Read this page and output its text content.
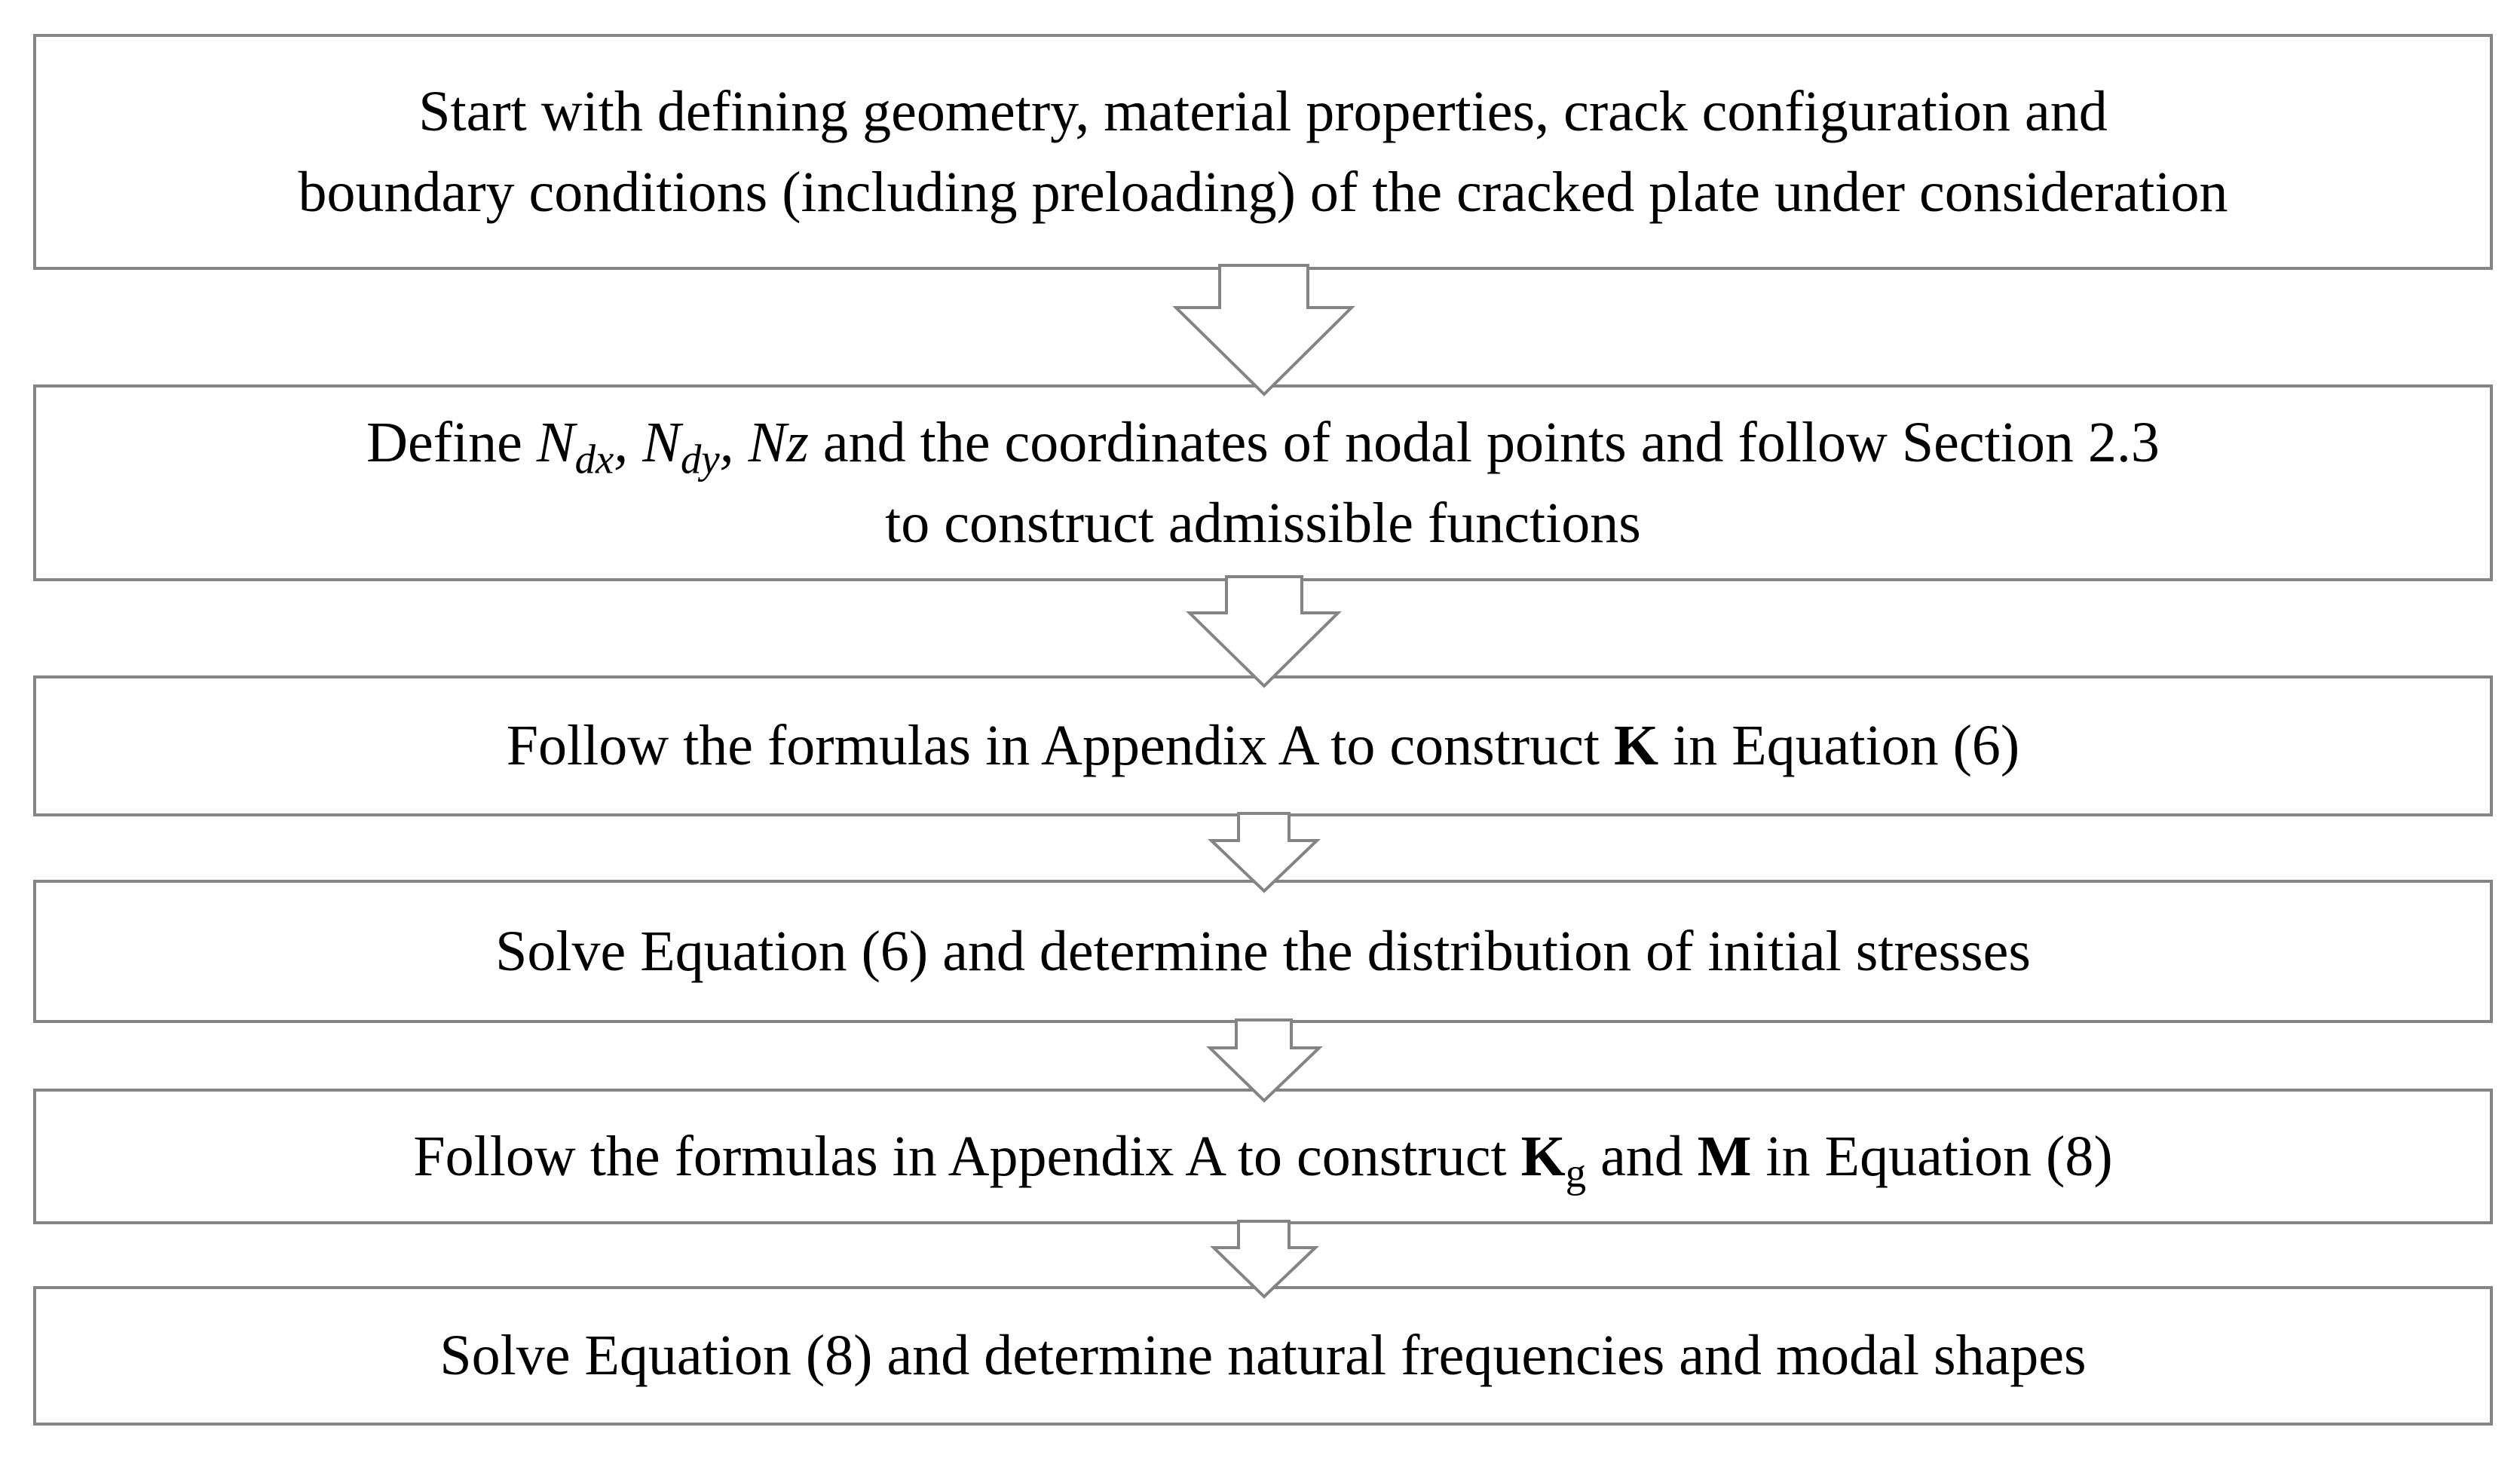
Start with defining geometry, material properties, crack configuration and
boundary conditions (including preloading) of the cracked plate under consideration
Define $N_{dx}$, $N_{dy}$, Nz and the coordinates of nodal points and follow Section 2.3
to construct admissible functions
Follow the formulas in Appendix A to construct K in Equation (6)
Solve Equation (6) and determine the distribution of initial stresses
Follow the formulas in Appendix A to construct $K_g$ and M in Equation (8)
Solve Equation (8) and determine natural frequencies and modal shapes
